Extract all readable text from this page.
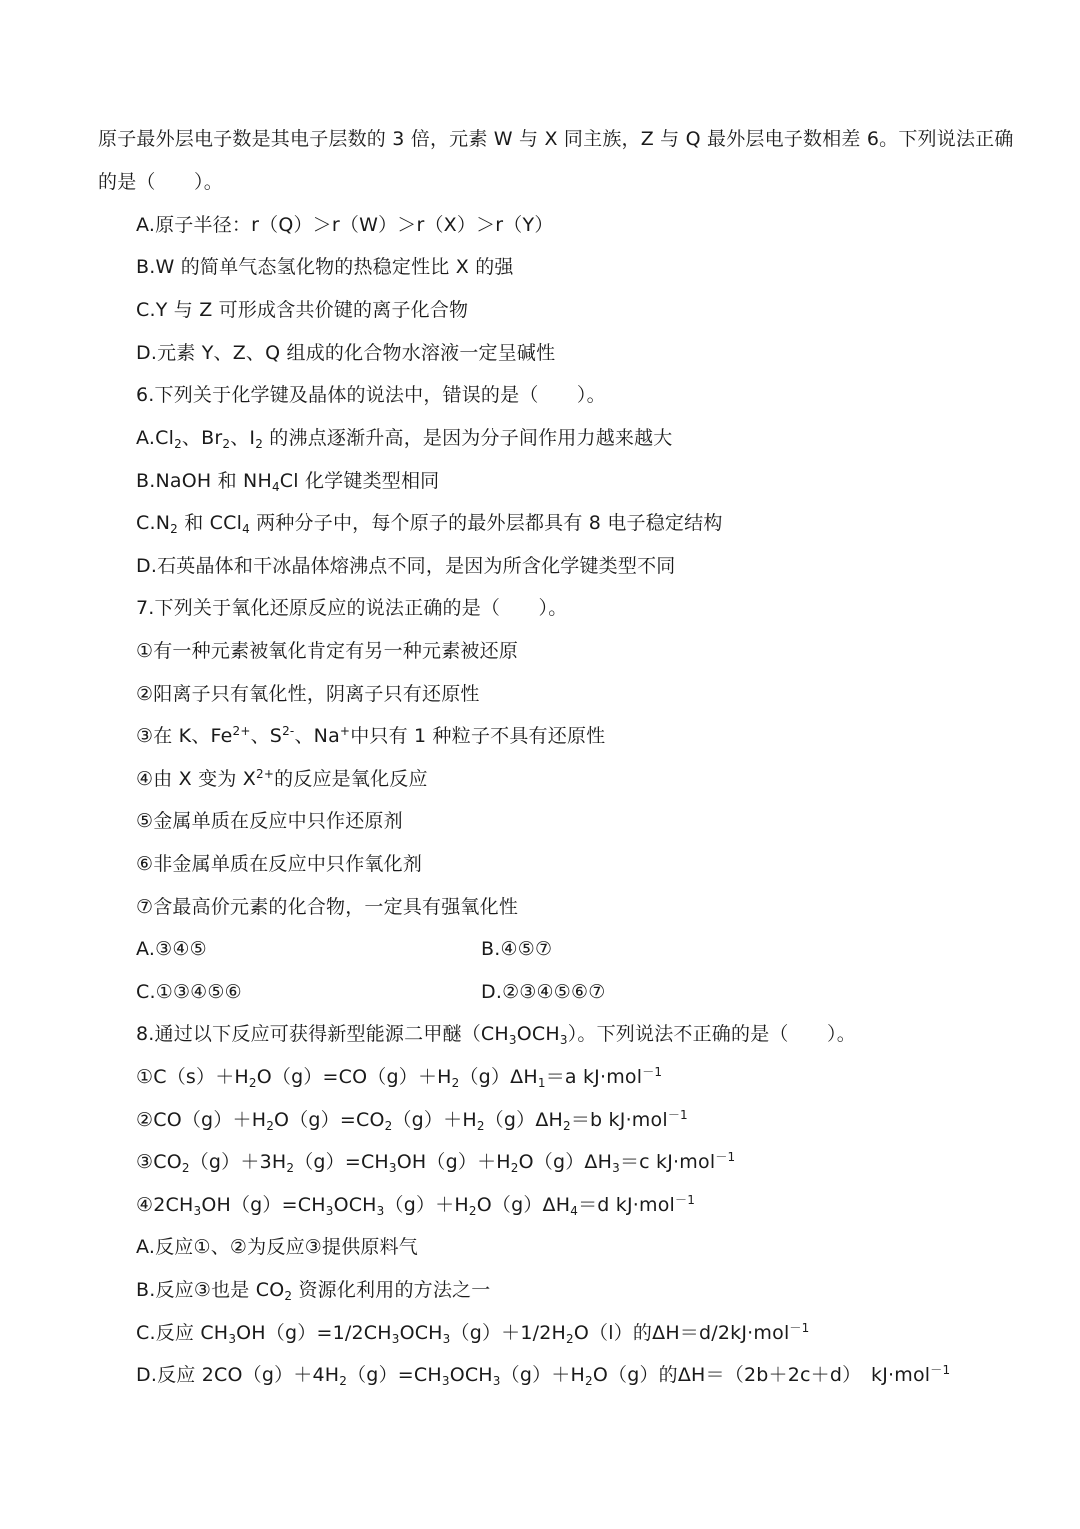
原子最外层电子数是其电子层数的 3 倍，元素 W 与 X 同主族，Z 与 Q 最外层电子数相差 6。下列说法正确
的是（　　）。
A.原子半径：r（Q）＞r（W）＞r（X）＞r（Y）
B.W 的简单气态氢化物的热稳定性比 X 的强
C.Y 与 Z 可形成含共价键的离子化合物
D.元素 Y、Z、Q 组成的化合物水溶液一定呈碱性
6.下列关于化学键及晶体的说法中，错误的是（　　）。
$A.Cl_2$、$Br_2$、$I_2$ 的沸点逐渐升高，是因为分子间作用力越来越大
B.NaOH 和 $NH_4Cl$ 化学键类型相同
$C.N_2$ 和 CCl$_4$ 两种分子中，每个原子的最外层都具有 8 电子稳定结构
D.石英晶体和干冰晶体熔沸点不同，是因为所含化学键类型不同
7.下列关于氧化还原反应的说法正确的是（　　）。
①有一种元素被氧化肯定有另一种元素被还原
②阳离子只有氧化性，阴离子只有还原性
③在 K、$Fe^{2+}$、$S^{2-}$、Na+中只有 1 种粒子不具有还原性
④由 X 变为 $X^{2+}$的反应是氧化反应
⑤金属单质在反应中只作还原剂
⑥非金属单质在反应中只作氧化剂
⑦含最高价元素的化合物，一定具有强氧化性
A.③④⑤	B.④⑤⑦
C.①③④⑤⑥	D.②③④⑤⑥⑦
8.通过以下反应可获得新型能源二甲醚$(CH_3OCH_3)$。下列说法不正确的是（　　）。
$①C(s)+H_2O(g)=CO(g)+H_2(g)\Delta H_1=a$ kJ·mol$^{-1}$
$②CO(g)+H_2O(g)=CO_2(g)+H_2(g)\Delta H_2=b$ kJ·mol$^{-1}$
$③CO_2(g)+3H_2(g)=CH_3OH(g)+H_2O(g)\Delta H_3=c$ kJ·mol$^{-1}$
$④2CH_3OH(g)=CH_3OCH_3(g)+H_2O(g)\Delta H_4=d$ kJ·mol$^{-1}$
A.反应①、②为反应③提供原料气
B.反应③也是 $CO_2$ 资源化利用的方法之一
C.反应 $CH_3OH(g)=1/2CH_3OCH_3(g)+1/2H_2O(l)$的ΔH＝d/2kJ·mol$^{-1}$
D.反应 $2CO(g)+4H_2(g)=CH_3OCH_3(g)+H_2O(g)$的ΔH＝（2b＋2c＋d）　kJ·mol$^{-1}$
